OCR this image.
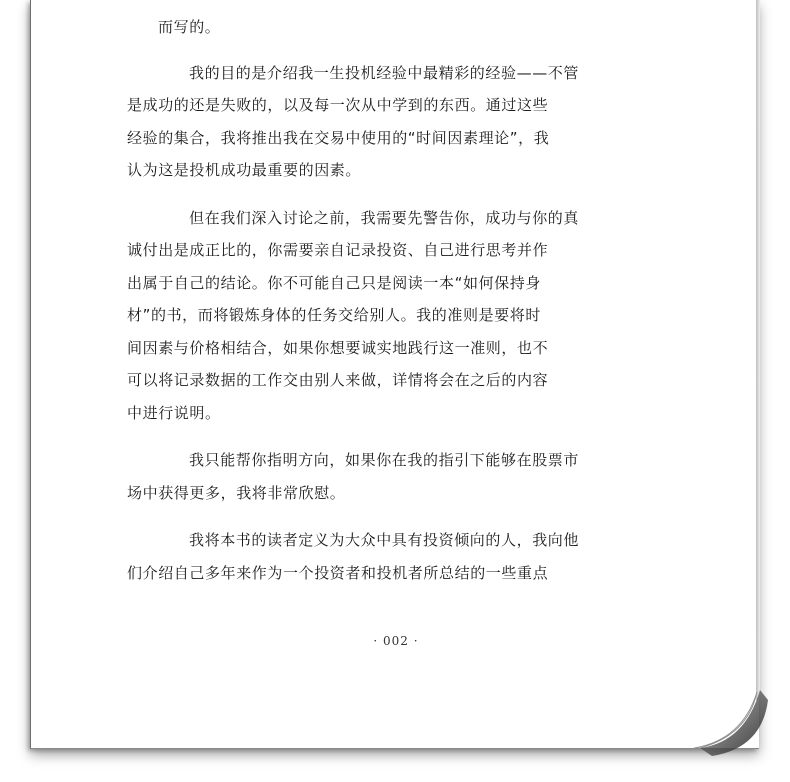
而写的。

我的目的是介绍我一生投机经验中最精彩的经验——不管
是成功的还是失败的，以及每一次从中学到的东西。通过这些
经验的集合，我将推出我在交易中使用的“时间因素理论”，我
认为这是投机成功最重要的因素。

但在我们深入讨论之前，我需要先警告你，成功与你的真
诚付出是成正比的，你需要亲自记录投资、自己进行思考并作
出属于自己的结论。你不可能自己只是阅读一本“如何保持身
材”的书，而将锻炼身体的任务交给别人。我的准则是要将时
间因素与价格相结合，如果你想要诚实地践行这一准则，也不
可以将记录数据的工作交由别人来做，详情将会在之后的内容
中进行说明。

我只能帮你指明方向，如果你在我的指引下能够在股票市
场中获得更多，我将非常欣慰。

我将本书的读者定义为大众中具有投资倾向的人，我向他
们介绍自己多年来作为一个投资者和投机者所总结的一些重点

· 002 ·
